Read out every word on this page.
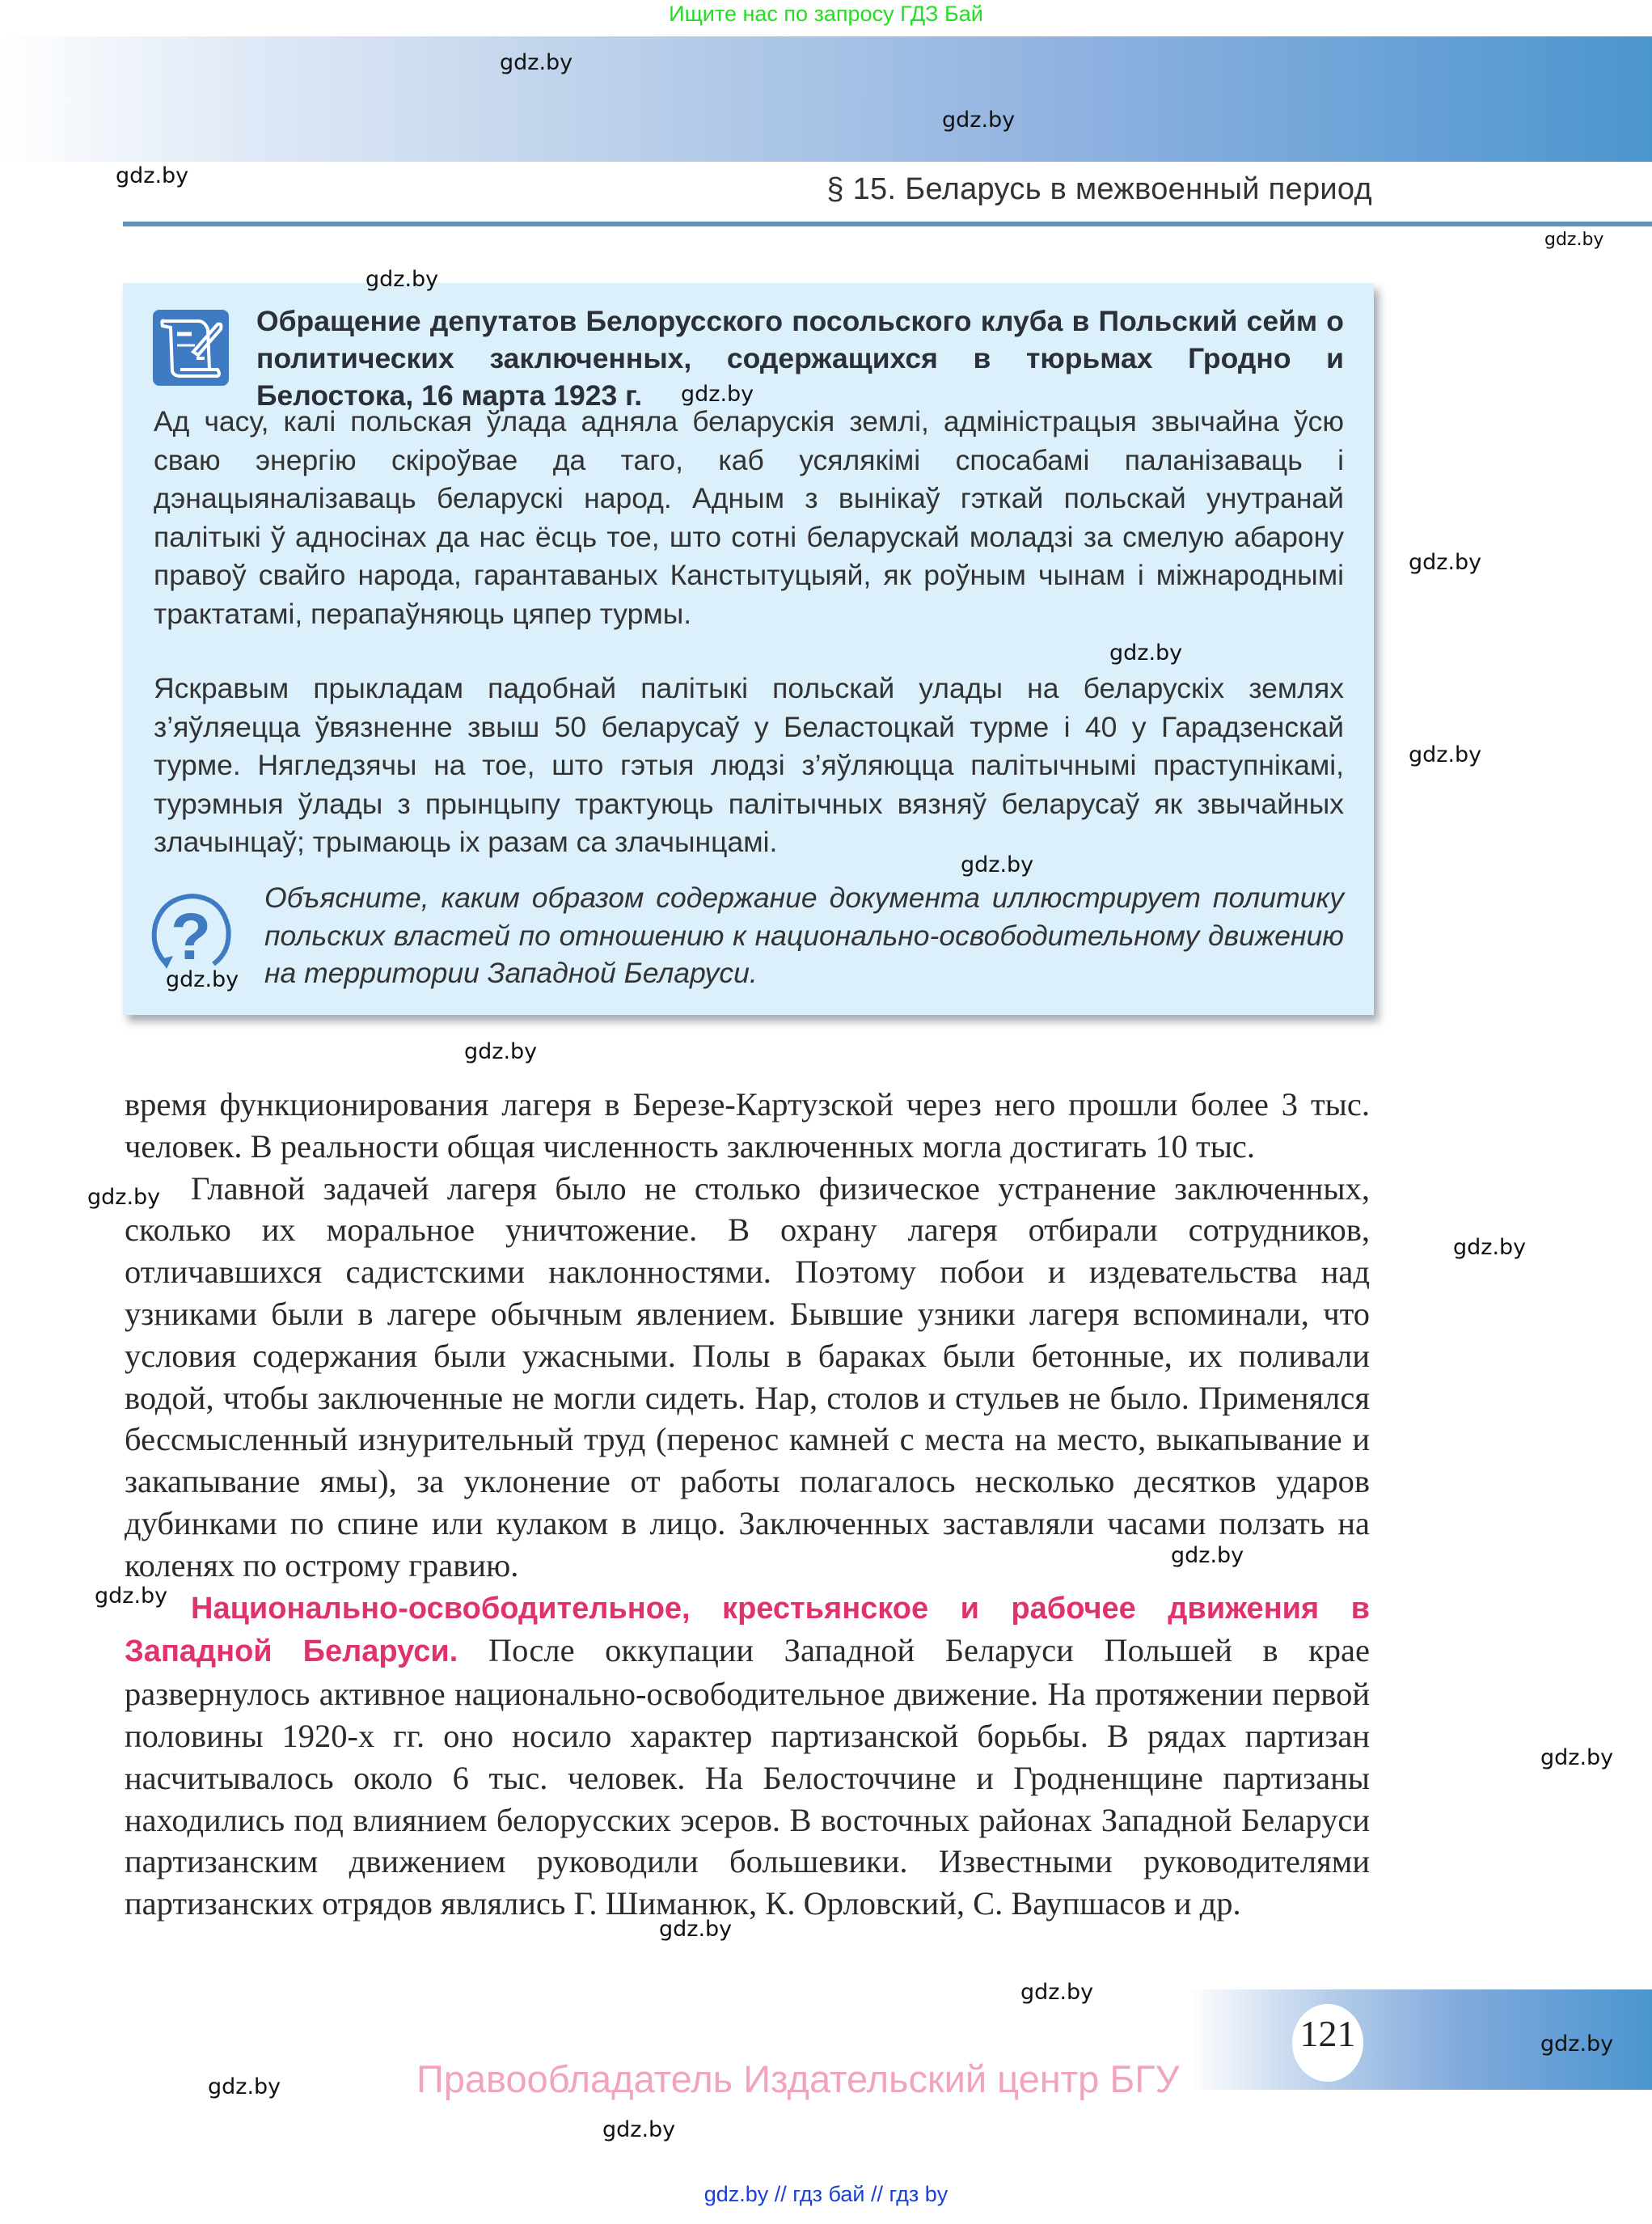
Ищите нас по запросу ГДЗ Бай
§ 15. Беларусь в межвоенный период
Обращение депутатов Белорусского посольского клуба в Польский сейм о политических заключенных, содержащихся в тюрьмах Гродно и Белостока, 16 марта 1923 г.
Ад часу, калі польская ўлада адняла беларускія землі, адміністрацыя звычайна ўсю сваю энергію скіроўвае да таго, каб усялякімі спосабамі паланізаваць і дэнацыяналізаваць беларускі народ. Адным з вынікаў гэткай польскай унутранай палітыкі ў адносінах да нас ёсць тое, што сотні беларускай моладзі за смелую абарону правоў свайго народа, гарантаваных Канстытуцыяй, як роўным чынам і міжнароднымі трактатамі, перапаўняюць цяпер турмы.
Яскравым прыкладам падобнай палітыкі польскай улады на беларускіх землях з’яўляецца ўвязненне звыш 50 беларусаў у Беластоцкай турме і 40 у Гарадзенскай турме. Нягледзячы на тое, што гэтыя людзі з’яўляюцца палітычнымі праступнікамі, турэмныя ўлады з прынцыпу трактуюць палітычных вязняў беларусаў як звычайных злачынцаў; трымаюць іх разам са злачынцамі.
?
Объясните, каким образом содержание документа иллюстрирует политику польских властей по отношению к национально-освободительному движению на территории Западной Беларуси.

время функционирования лагеря в Березе-Картузской через него прошли более 3 тыс. человек. В реальности общая численность заключенных могла достигать 10 тыс.

Главной задачей лагеря было не столько физическое устранение заключенных, сколько их моральное уничтожение. В охрану лагеря отбирали сотрудников, отличавшихся садистскими наклонностями. Поэтому побои и издевательства над узниками были в лагере обычным явлением. Бывшие узники лагеря вспоминали, что условия содержания были ужасными. Полы в бараках были бетонные, их поливали водой, чтобы заключенные не могли сидеть. Нар, столов и стульев не было. Применялся бессмысленный изнурительный труд (перенос камней с места на место, выкапывание и закапывание ямы), за уклонение от работы полагалось несколько десятков ударов дубинками по спине или кулаком в лицо. Заключенных заставляли часами ползать на коленях по острому гравию.

Национально-освободительное, крестьянское и рабочее движения в Западной Беларуси. После оккупации Западной Беларуси Польшей в крае развернулось активное национально-освободительное движение. На протяжении первой половины 1920-х гг. оно носило характер партизанской борьбы. В рядах партизан насчитывалось около 6 тыс. человек. На Белосточчине и Гродненщине партизаны находились под влиянием белорусских эсеров. В восточных районах Западной Беларуси партизанским движением руководили большевики. Известными руководителями партизанских отрядов являлись Г. Шиманюк, К. Орловский, С. Ваупшасов и др.

121
Правообладатель Издательский центр БГУ
gdz.by // гдз бай // гдз by
gdz.by
gdz.by
gdz.by
gdz.by
gdz.by
gdz.by
gdz.by
gdz.by
gdz.by
gdz.by
gdz.by
gdz.by
gdz.by
gdz.by
gdz.by
gdz.by
gdz.by
gdz.by
gdz.by
gdz.by
gdz.by
gdz.by
